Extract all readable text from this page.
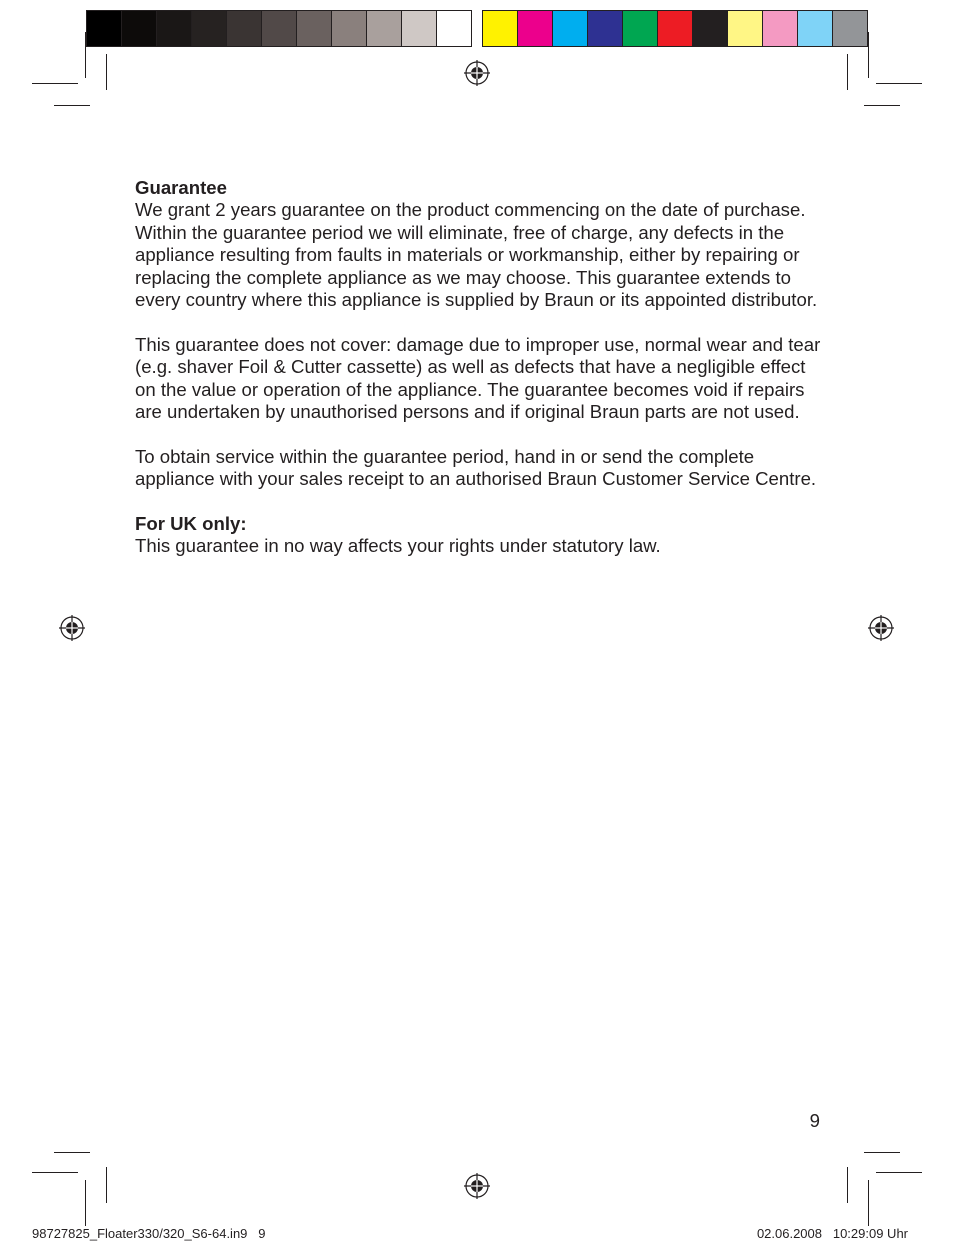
Guarantee

We grant 2 years guarantee on the product commencing on the date of purchase. Within the guarantee period we will eliminate, free of charge, any defects in the appliance resulting from faults in materials or workmanship, either by repairing or replacing the complete appliance as we may choose. This guarantee extends to every country where this appliance is supplied by Braun or its appointed distributor.

This guarantee does not cover: damage due to improper use, normal wear and tear (e.g. shaver Foil & Cutter cassette) as well as defects that have a negligible effect on the value or operation of the appliance. The guarantee becomes void if repairs are undertaken by unauthorised persons and if original Braun parts are not used.

To obtain service within the guarantee period, hand in or send the complete appliance with your sales receipt to an authorised Braun Customer Service Centre.

For UK only:

This guarantee in no way affects your rights under statutory law.

9
98727825_Floater330/320_S6-64.in9   9	02.06.2008   10:29:09 Uhr
